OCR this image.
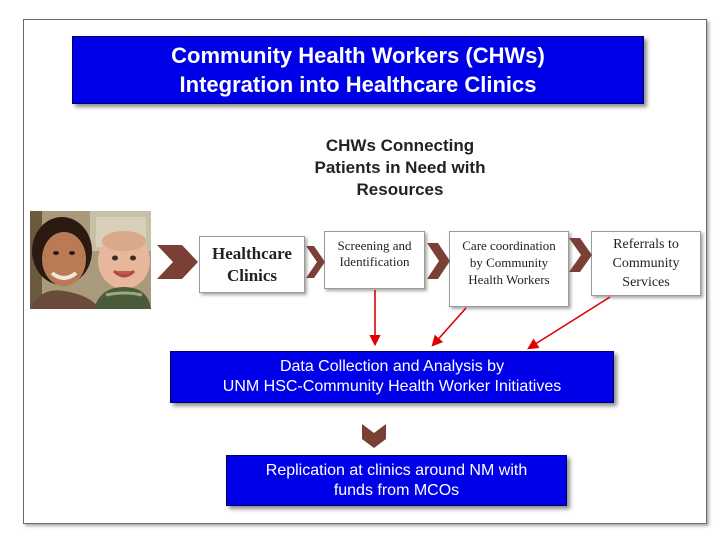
Community Health Workers (CHWs)
Integration into Healthcare Clinics
CHWs Connecting
Patients in Need with
Resources
Healthcare
Clinics
Screening and
Identification
Care coordination
by Community
Health Workers
Referrals to
Community
Services
Data Collection and Analysis by
UNM HSC-Community Health Worker Initiatives
Replication at clinics around NM with
funds from MCOs
